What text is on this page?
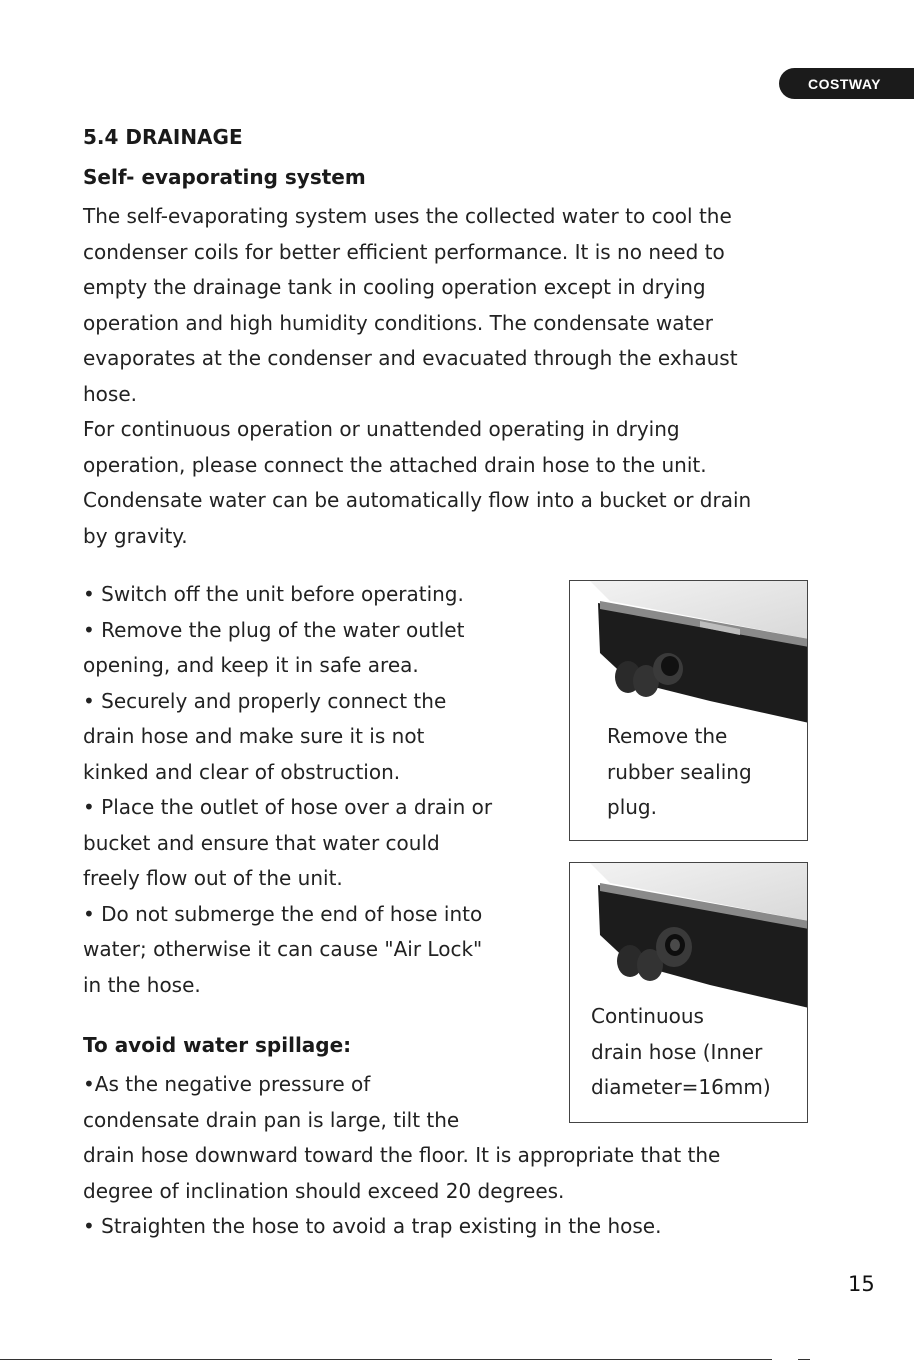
COSTWAY
5.4 DRAINAGE
Self- evaporating system
The self-evaporating system uses the collected water to cool the
condenser coils for better efficient performance. It is no need to
empty the drainage tank in cooling operation except in drying
operation and high humidity conditions. The condensate water
evaporates at the condenser and evacuated through the exhaust
hose.
For continuous operation or unattended operating in drying
operation, please connect the attached drain hose to the unit.
Condensate water can be automatically flow into a bucket or drain
by gravity.
• Switch off the unit before operating.
• Remove the plug of the water outlet
opening, and keep it in safe area.
• Securely and properly connect the
drain hose and make sure it is not
kinked and clear of obstruction.
• Place the outlet of hose over a drain or
bucket and ensure that water could
freely flow out of the unit.
• Do not submerge the end of hose into
water; otherwise it can cause "Air Lock"
in the hose.
To avoid water spillage:
•As the negative pressure of
condensate drain pan is large, tilt the
drain hose downward toward the floor. It is appropriate that the
degree of inclination should exceed 20 degrees.
• Straighten the hose to avoid a trap existing in the hose.
Remove the
rubber sealing
plug.
Continuous
drain hose (Inner
diameter=16mm)
15
